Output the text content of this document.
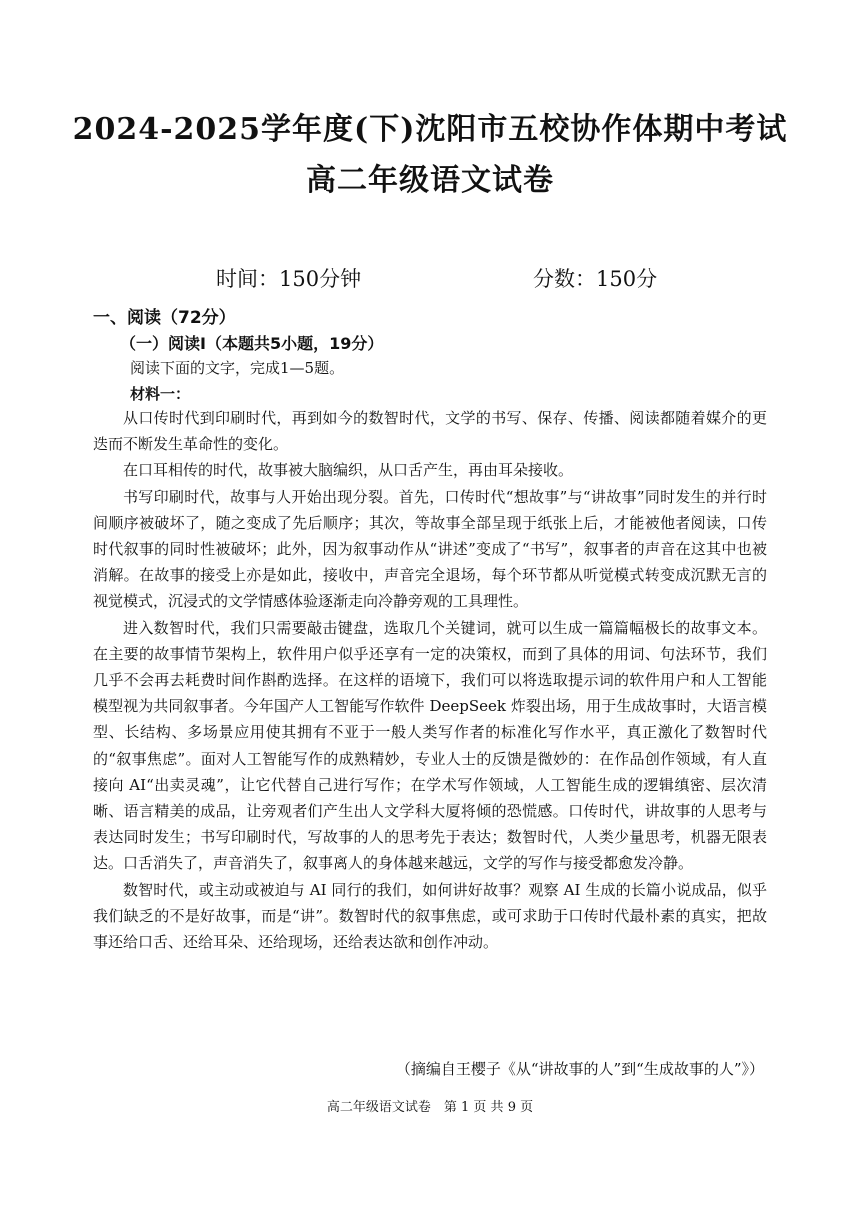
2024-2025学年度(下)沈阳市五校协作体期中考试
高二年级语文试卷
时间：150分钟	分数：150分
一、阅读（72分）
（一）阅读Ⅰ（本题共5小题，19分）
阅读下面的文字，完成1—5题。
材料一：

从口传时代到印刷时代，再到如今的数智时代，文学的书写、保存、传播、阅读都随着媒介的更迭而不断发生革命性的变化。

在口耳相传的时代，故事被大脑编织，从口舌产生，再由耳朵接收。

书写印刷时代，故事与人开始出现分裂。首先，口传时代“想故事”与“讲故事”同时发生的并行时间顺序被破坏了，随之变成了先后顺序；其次，等故事全部呈现于纸张上后，才能被他者阅读，口传时代叙事的同时性被破坏；此外，因为叙事动作从“讲述”变成了“书写”，叙事者的声音在这其中也被消解。在故事的接受上亦是如此，接收中，声音完全退场，每个环节都从听觉模式转变成沉默无言的视觉模式，沉浸式的文学情感体验逐渐走向冷静旁观的工具理性。

进入数智时代，我们只需要敲击键盘，选取几个关键词，就可以生成一篇篇幅极长的故事文本。在主要的故事情节架构上，软件用户似乎还享有一定的决策权，而到了具体的用词、句法环节，我们几乎不会再去耗费时间作斟酌选择。在这样的语境下，我们可以将选取提示词的软件用户和人工智能模型视为共同叙事者。今年国产人工智能写作软件 DeepSeek 炸裂出场，用于生成故事时，大语言模型、长结构、多场景应用使其拥有不亚于一般人类写作者的标准化写作水平，真正激化了数智时代的“叙事焦虑”。面对人工智能写作的成熟精妙，专业人士的反馈是微妙的：在作品创作领域，有人直接向 AI“出卖灵魂”，让它代替自己进行写作；在学术写作领域，人工智能生成的逻辑缜密、层次清晰、语言精美的成品，让旁观者们产生出人文学科大厦将倾的恐慌感。口传时代，讲故事的人思考与表达同时发生；书写印刷时代，写故事的人的思考先于表达；数智时代，人类少量思考，机器无限表达。口舌消失了，声音消失了，叙事离人的身体越来越远，文学的写作与接受都愈发冷静。

数智时代，或主动或被迫与 AI 同行的我们，如何讲好故事？观察 AI 生成的长篇小说成品，似乎我们缺乏的不是好故事，而是“讲”。数智时代的叙事焦虑，或可求助于口传时代最朴素的真实，把故事还给口舌、还给耳朵、还给现场，还给表达欲和创作冲动。

（摘编自王樱子《从“讲故事的人”到“生成故事的人”》）
高二年级语文试卷　第 1 页 共 9 页
